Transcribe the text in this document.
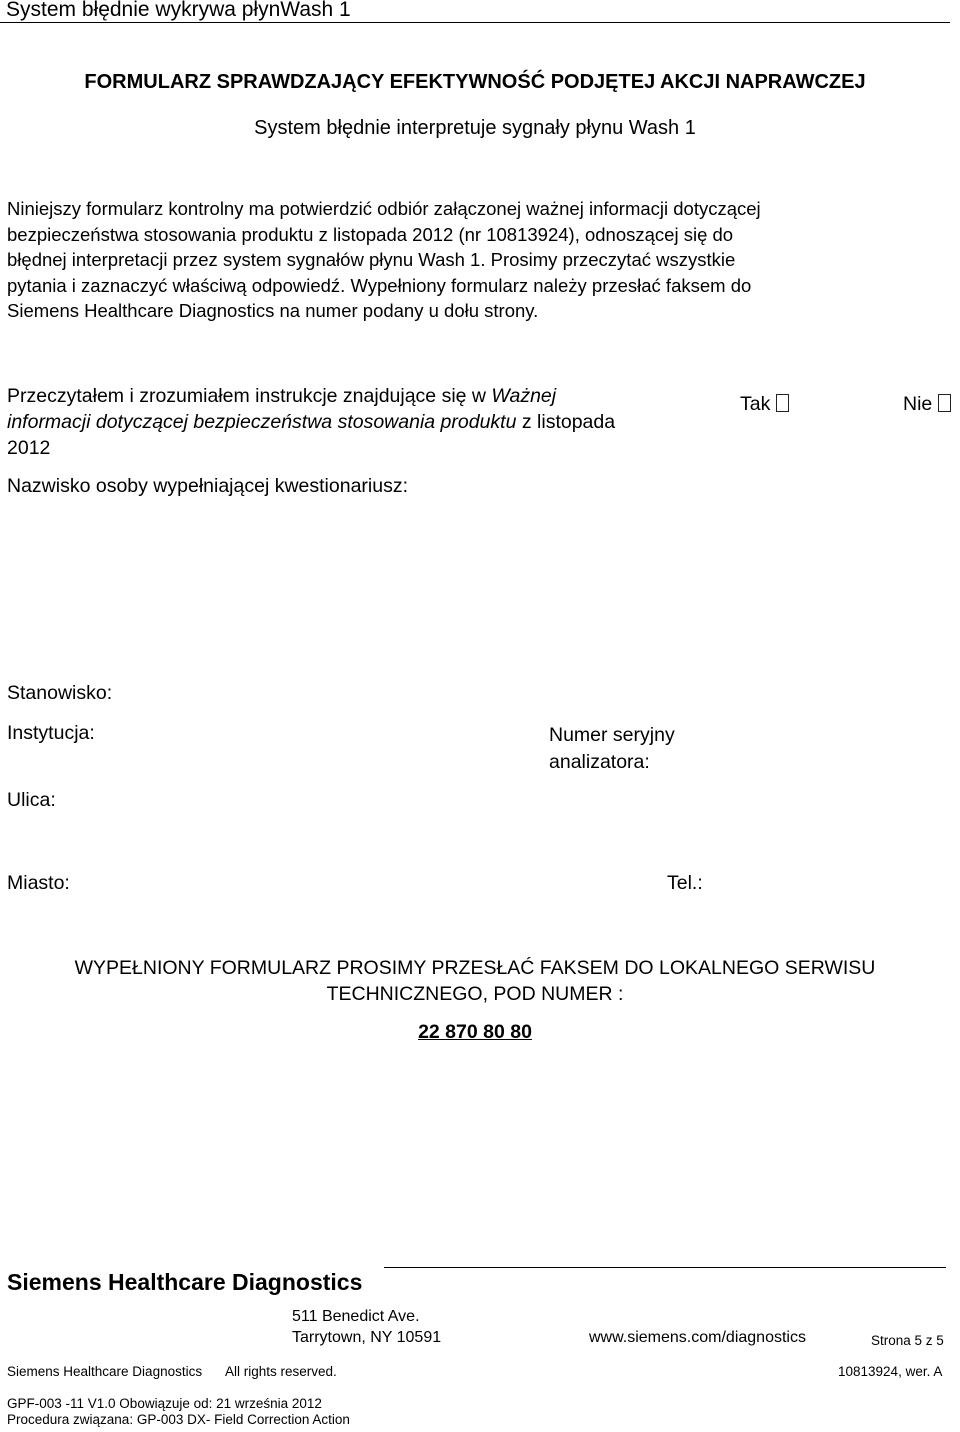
System błędnie wykrywa płynWash 1
FORMULARZ SPRAWDZAJĄCY EFEKTYWNOŚĆ PODJĘTEJ AKCJI NAPRAWCZEJ
System błędnie interpretuje sygnały płynu Wash 1

Niniejszy formularz kontrolny ma potwierdzić odbiór załączonej ważnej informacji dotyczącej

bezpieczeństwa stosowania produktu z listopada 2012 (nr 10813924), odnoszącej się do

błędnej interpretacji przez system sygnałów płynu Wash 1. Prosimy przeczytać wszystkie

pytania i zaznaczyć właściwą odpowiedź. Wypełniony formularz należy przesłać faksem do

Siemens Healthcare Diagnostics na numer podany u dołu strony.

Przeczytałem i zrozumiałem instrukcje znajdujące się w Ważnej

informacji dotyczącej bezpieczeństwa stosowania produktu z listopada

2012

Tak	Nie
Nazwisko osoby wypełniającej kwestionariusz:
Stanowisko:
Instytucja:	Numer seryjny
analizatora:
Ulica:
Miasto:	Tel.:

WYPEŁNIONY FORMULARZ PROSIMY PRZESŁAĆ FAKSEM DO LOKALNEGO SERWISU

TECHNICZNEGO, POD NUMER :

22 870 80 80
Siemens Healthcare Diagnostics
511 Benedict Ave.
Tarrytown, NY 10591	www.siemens.com/diagnostics	Strona 5 z 5
Siemens Healthcare Diagnostics All rights reserved.	10813924, wer. A
GPF-003 -11 V1.0 Obowiązuje od: 21 września 2012
Procedura związana: GP-003 DX- Field Correction Action
